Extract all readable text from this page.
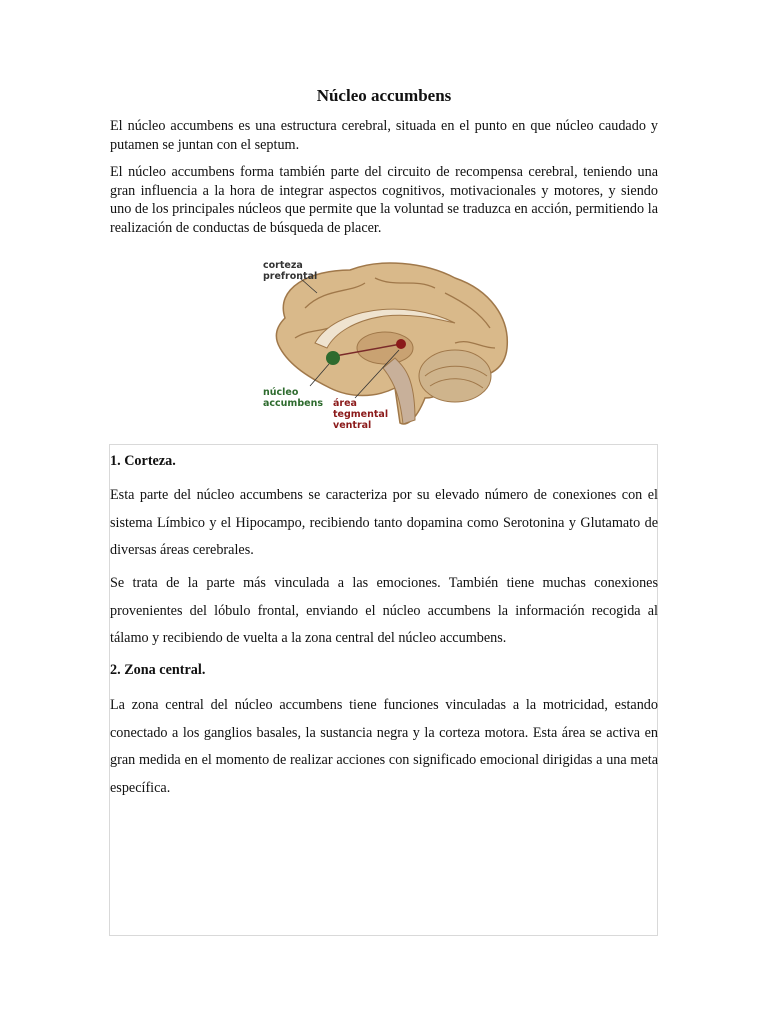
Núcleo accumbens

El núcleo accumbens es una estructura cerebral, situada en el punto en que núcleo caudado y putamen se juntan con el septum.

El núcleo accumbens forma también parte del circuito de recompensa cerebral, teniendo una gran influencia a la hora de integrar aspectos cognitivos, motivacionales y motores, y siendo uno de los principales núcleos que permite que la voluntad se traduzca en acción, permitiendo la realización de conductas de búsqueda de placer.

corteza
prefrontal
núcleo
accumbens área
tegmental
ventral

1. Corteza.

Esta parte del núcleo accumbens se caracteriza por su elevado número de conexiones con el sistema Límbico y el Hipocampo, recibiendo tanto dopamina como Serotonina y Glutamato de diversas áreas cerebrales.

Se trata de la parte más vinculada a las emociones. También tiene muchas conexiones provenientes del lóbulo frontal, enviando el núcleo accumbens la información recogida al tálamo y recibiendo de vuelta a la zona central del núcleo accumbens.

2. Zona central.

La zona central del núcleo accumbens tiene funciones vinculadas a la motricidad, estando conectado a los ganglios basales, la sustancia negra y la corteza motora. Esta área se activa en gran medida en el momento de realizar acciones con significado emocional dirigidas a una meta específica.
